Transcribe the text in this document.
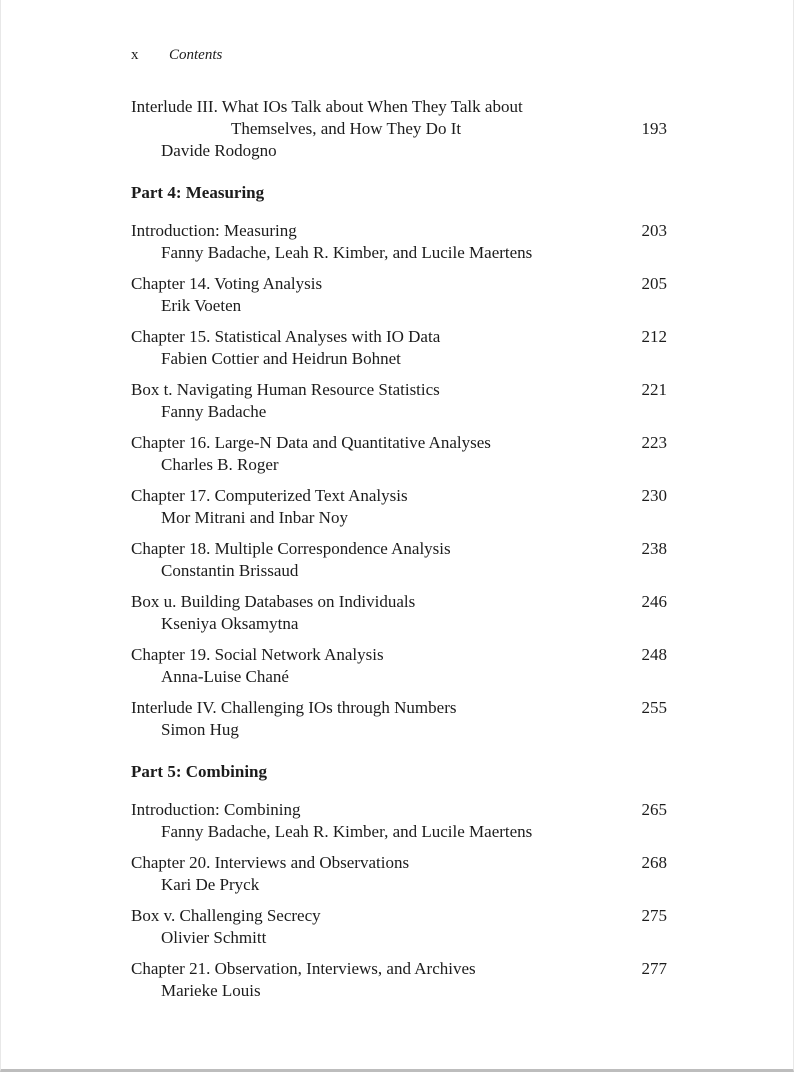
x	Contents
Interlude III. What IOs Talk about When They Talk about
Themselves, and How They Do It	193
Davide Rodogno
Part 4: Measuring
Introduction: Measuring	203
Fanny Badache, Leah R. Kimber, and Lucile Maertens
Chapter 14. Voting Analysis	205
Erik Voeten
Chapter 15. Statistical Analyses with IO Data	212
Fabien Cottier and Heidrun Bohnet
Box t. Navigating Human Resource Statistics	221
Fanny Badache
Chapter 16. Large-N Data and Quantitative Analyses	223
Charles B. Roger
Chapter 17. Computerized Text Analysis	230
Mor Mitrani and Inbar Noy
Chapter 18. Multiple Correspondence Analysis	238
Constantin Brissaud
Box u. Building Databases on Individuals	246
Kseniya Oksamytna
Chapter 19. Social Network Analysis	248
Anna-Luise Chané
Interlude IV. Challenging IOs through Numbers	255
Simon Hug
Part 5: Combining
Introduction: Combining	265
Fanny Badache, Leah R. Kimber, and Lucile Maertens
Chapter 20. Interviews and Observations	268
Kari De Pryck
Box v. Challenging Secrecy	275
Olivier Schmitt
Chapter 21. Observation, Interviews, and Archives	277
Marieke Louis
